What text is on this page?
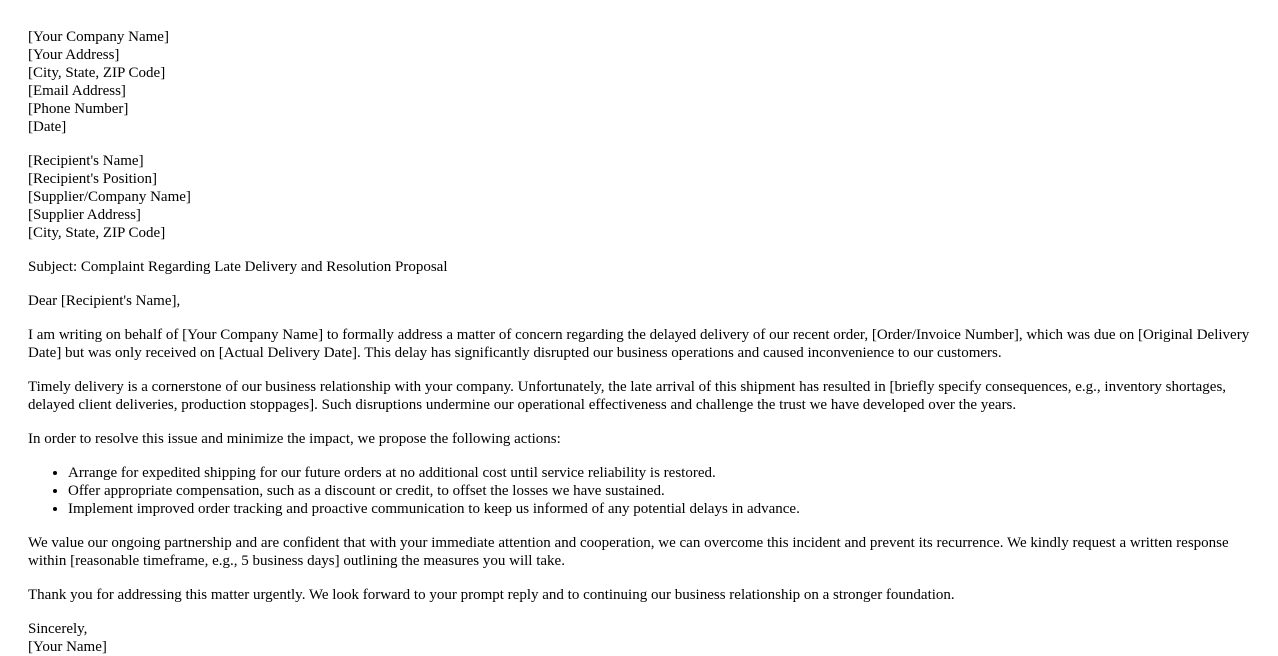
[Your Company Name]
[Your Address]
[City, State, ZIP Code]
[Email Address]
[Phone Number]
[Date]
[Recipient's Name]
[Recipient's Position]
[Supplier/Company Name]
[Supplier Address]
[City, State, ZIP Code]

Subject: Complaint Regarding Late Delivery and Resolution Proposal

Dear [Recipient's Name],

I am writing on behalf of [Your Company Name] to formally address a matter of concern regarding the delayed delivery of our recent order, [Order/Invoice Number], which was due on [Original Delivery Date] but was only received on [Actual Delivery Date]. This delay has significantly disrupted our business operations and caused inconvenience to our customers.

Timely delivery is a cornerstone of our business relationship with your company. Unfortunately, the late arrival of this shipment has resulted in [briefly specify consequences, e.g., inventory shortages, delayed client deliveries, production stoppages]. Such disruptions undermine our operational effectiveness and challenge the trust we have developed over the years.

In order to resolve this issue and minimize the impact, we propose the following actions:

• Arrange for expedited shipping for our future orders at no additional cost until service reliability is restored.
• Offer appropriate compensation, such as a discount or credit, to offset the losses we have sustained.
• Implement improved order tracking and proactive communication to keep us informed of any potential delays in advance.

We value our ongoing partnership and are confident that with your immediate attention and cooperation, we can overcome this incident and prevent its recurrence. We kindly request a written response within [reasonable timeframe, e.g., 5 business days] outlining the measures you will take.

Thank you for addressing this matter urgently. We look forward to your prompt reply and to continuing our business relationship on a stronger foundation.

Sincerely,
[Your Name]
